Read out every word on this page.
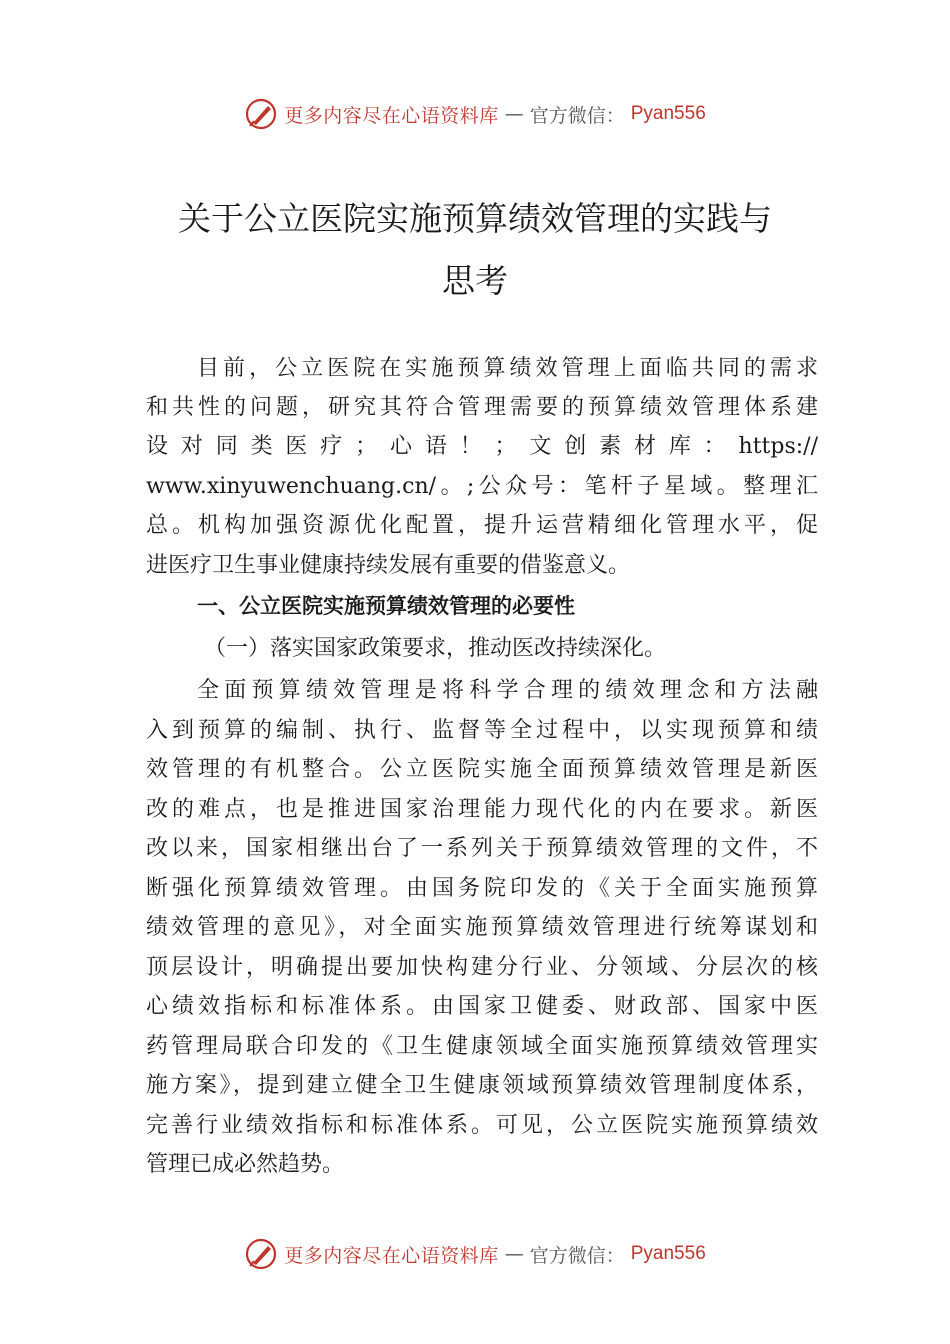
更多内容尽在心语资料库 — 官方微信： Pyan556
关于公立医院实施预算绩效管理的实践与
思考
目前，公立医院在实施预算绩效管理上面临共同的需求
和共性的问题，研究其符合管理需要的预算绩效管理体系建
设对同类医疗；心语！；文创素材库：https://
www.xinyuwenchuang.cn/。;公众号：笔杆子星域。整理汇
总。机构加强资源优化配置，提升运营精细化管理水平，促
进医疗卫生事业健康持续发展有重要的借鉴意义。
一、公立医院实施预算绩效管理的必要性
（一）落实国家政策要求，推动医改持续深化。
全面预算绩效管理是将科学合理的绩效理念和方法融
入到预算的编制、执行、监督等全过程中，以实现预算和绩
效管理的有机整合。公立医院实施全面预算绩效管理是新医
改的难点，也是推进国家治理能力现代化的内在要求。新医
改以来，国家相继出台了一系列关于预算绩效管理的文件，不
断强化预算绩效管理。由国务院印发的《关于全面实施预算
绩效管理的意见》，对全面实施预算绩效管理进行统筹谋划和
顶层设计，明确提出要加快构建分行业、分领域、分层次的核
心绩效指标和标准体系。由国家卫健委、财政部、国家中医
药管理局联合印发的《卫生健康领域全面实施预算绩效管理实
施方案》，提到建立健全卫生健康领域预算绩效管理制度体系，
完善行业绩效指标和标准体系。可见，公立医院实施预算绩效
管理已成必然趋势。
更多内容尽在心语资料库 — 官方微信： Pyan556
